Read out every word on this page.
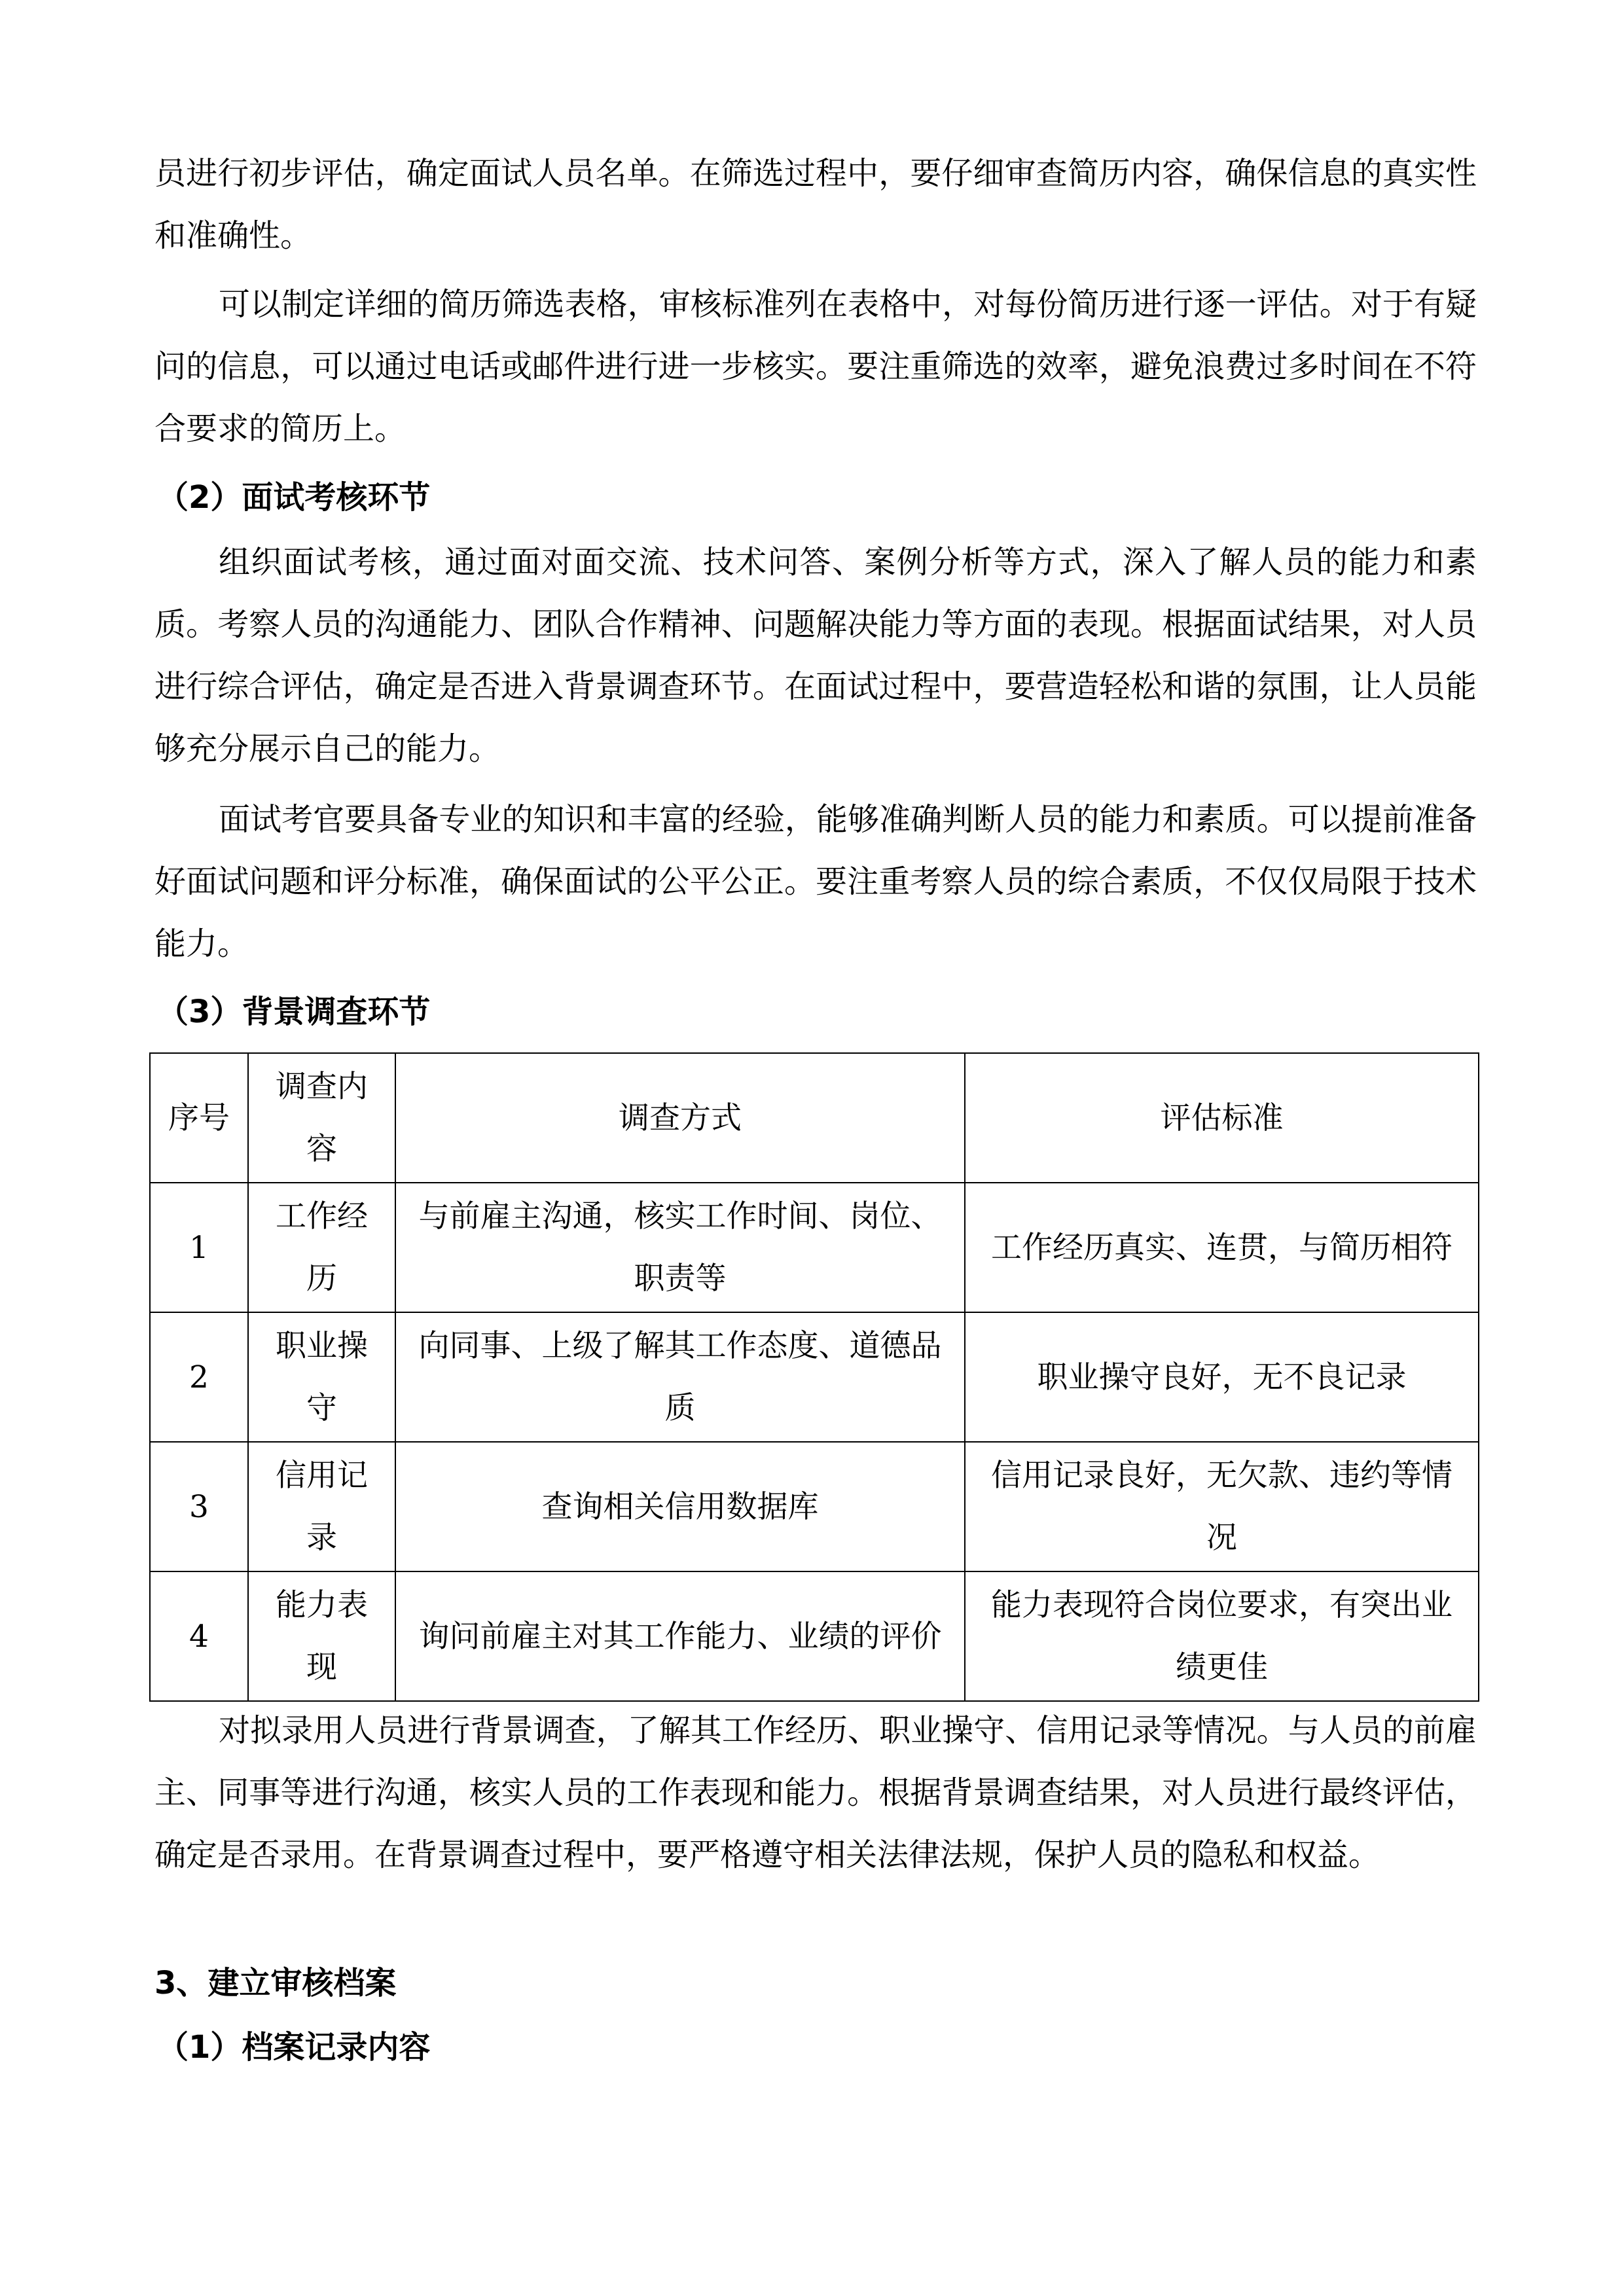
员进行初步评估，确定面试人员名单。在筛选过程中，要仔细审查简历内容，确保信息的真实性和准确性。

可以制定详细的简历筛选表格，审核标准列在表格中，对每份简历进行逐一评估。对于有疑问的信息，可以通过电话或邮件进行进一步核实。要注重筛选的效率，避免浪费过多时间在不符合要求的简历上。

（2）面试考核环节

组织面试考核，通过面对面交流、技术问答、案例分析等方式，深入了解人员的能力和素质。考察人员的沟通能力、团队合作精神、问题解决能力等方面的表现。根据面试结果，对人员进行综合评估，确定是否进入背景调查环节。在面试过程中，要营造轻松和谐的氛围，让人员能够充分展示自己的能力。

面试考官要具备专业的知识和丰富的经验，能够准确判断人员的能力和素质。可以提前准备好面试问题和评分标准，确保面试的公平公正。要注重考察人员的综合素质，不仅仅局限于技术能力。

（3）背景调查环节

序号	调查内容	调查方式	评估标准
1	工作经历	与前雇主沟通，核实工作时间、岗位、职责等	工作经历真实、连贯，与简历相符
2	职业操守	向同事、上级了解其工作态度、道德品质	职业操守良好，无不良记录
3	信用记录	查询相关信用数据库	信用记录良好，无欠款、违约等情况
4	能力表现	询问前雇主对其工作能力、业绩的评价	能力表现符合岗位要求，有突出业绩更佳

对拟录用人员进行背景调查，了解其工作经历、职业操守、信用记录等情况。与人员的前雇主、同事等进行沟通，核实人员的工作表现和能力。根据背景调查结果，对人员进行最终评估，确定是否录用。在背景调查过程中，要严格遵守相关法律法规，保护人员的隐私和权益。

3、建立审核档案

（1）档案记录内容
